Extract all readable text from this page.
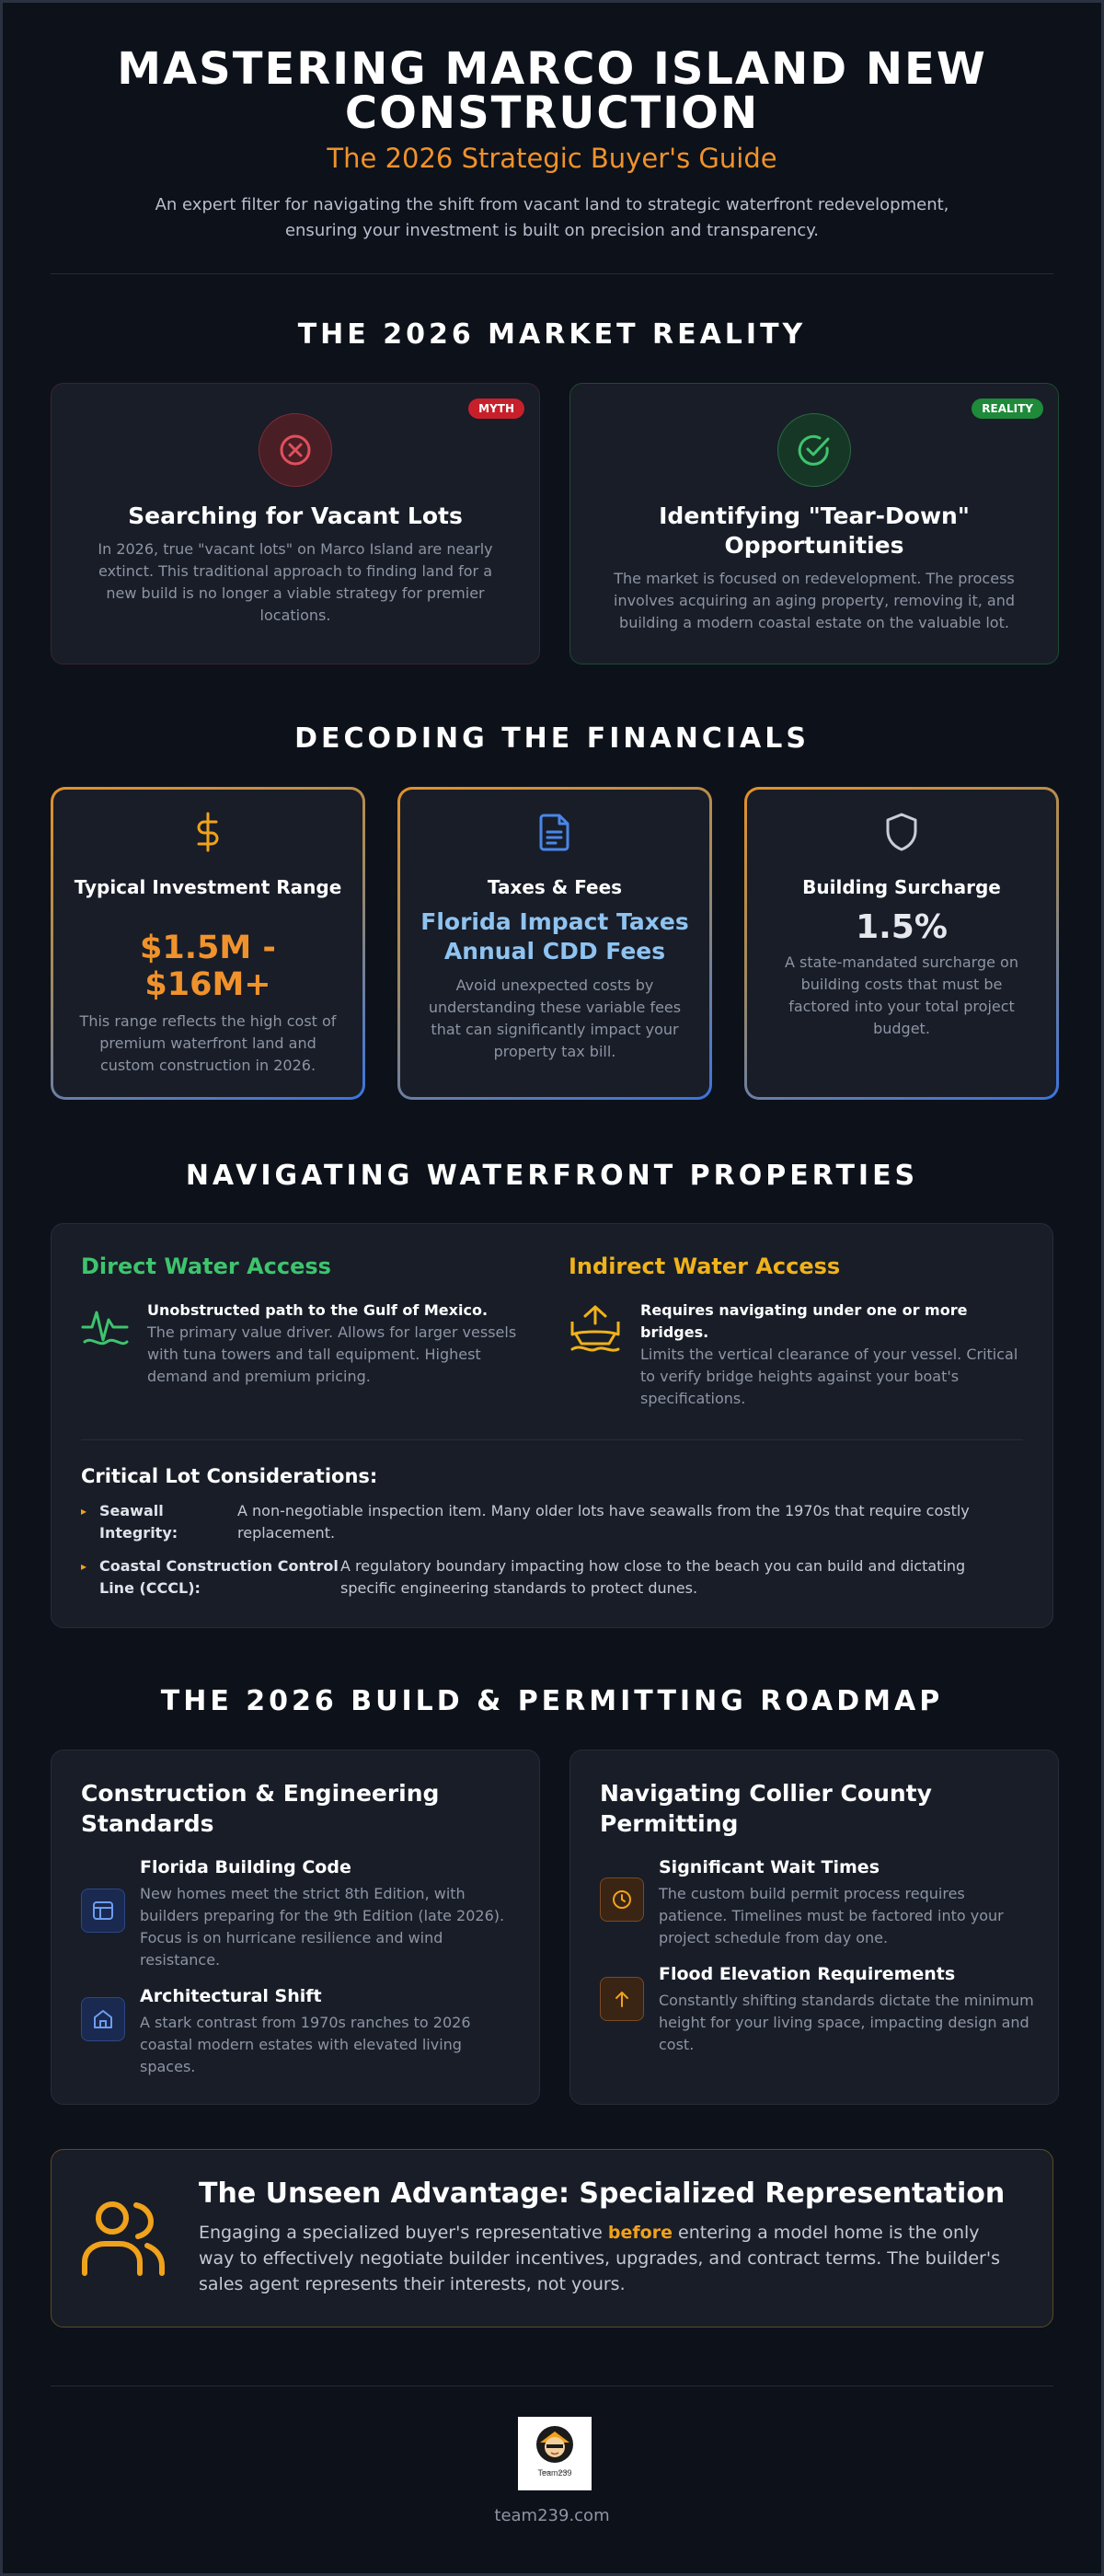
MASTERING MARCO ISLAND NEW CONSTRUCTION
The 2026 Strategic Buyer's Guide
An expert filter for navigating the shift from vacant land to strategic waterfront redevelopment, ensuring your investment is built on precision and transparency.
THE 2026 MARKET REALITY
MYTH
Searching for Vacant Lots

In 2026, true "vacant lots" on Marco Island are nearly extinct. This traditional approach to finding land for a new build is no longer a viable strategy for premier locations.

REALITY
Identifying "Tear-Down" Opportunities

The market is focused on redevelopment. The process involves acquiring an aging property, removing it, and building a modern coastal estate on the valuable lot.

DECODING THE FINANCIALS
Typical Investment Range
$1.5M - $16M+

This range reflects the high cost of premium waterfront land and custom construction in 2026.

Taxes & Fees
Florida Impact Taxes
Annual CDD Fees

Avoid unexpected costs by understanding these variable fees that can significantly impact your property tax bill.

Building Surcharge
1.5%

A state-mandated surcharge on building costs that must be factored into your total project budget.

NAVIGATING WATERFRONT PROPERTIES
Direct Water Access
Unobstructed path to the Gulf of Mexico.
The primary value driver. Allows for larger vessels with tuna towers and tall equipment. Highest demand and premium pricing.
Indirect Water Access
Requires navigating under one or more bridges.
Limits the vertical clearance of your vessel. Critical to verify bridge heights against your boat's specifications.
Critical Lot Considerations:
▸ Seawall Integrity:
A non-negotiable inspection item. Many older lots have seawalls from the 1970s that require costly replacement.
▸ Coastal Construction Control Line (CCCL):
A regulatory boundary impacting how close to the beach you can build and dictating specific engineering standards to protect dunes.
THE 2026 BUILD & PERMITTING ROADMAP
Construction & Engineering Standards
Florida Building Code
New homes meet the strict 8th Edition, with builders preparing for the 9th Edition (late 2026). Focus is on hurricane resilience and wind resistance.
Architectural Shift
A stark contrast from 1970s ranches to 2026 coastal modern estates with elevated living spaces.
Navigating Collier County Permitting
Significant Wait Times
The custom build permit process requires patience. Timelines must be factored into your project schedule from day one.
Flood Elevation Requirements
Constantly shifting standards dictate the minimum height for your living space, impacting design and cost.
The Unseen Advantage: Specialized Representation

Engaging a specialized buyer's representative before entering a model home is the only way to effectively negotiate builder incentives, upgrades, and contract terms. The builder's sales agent represents their interests, not yours.

Team239
team239.com
